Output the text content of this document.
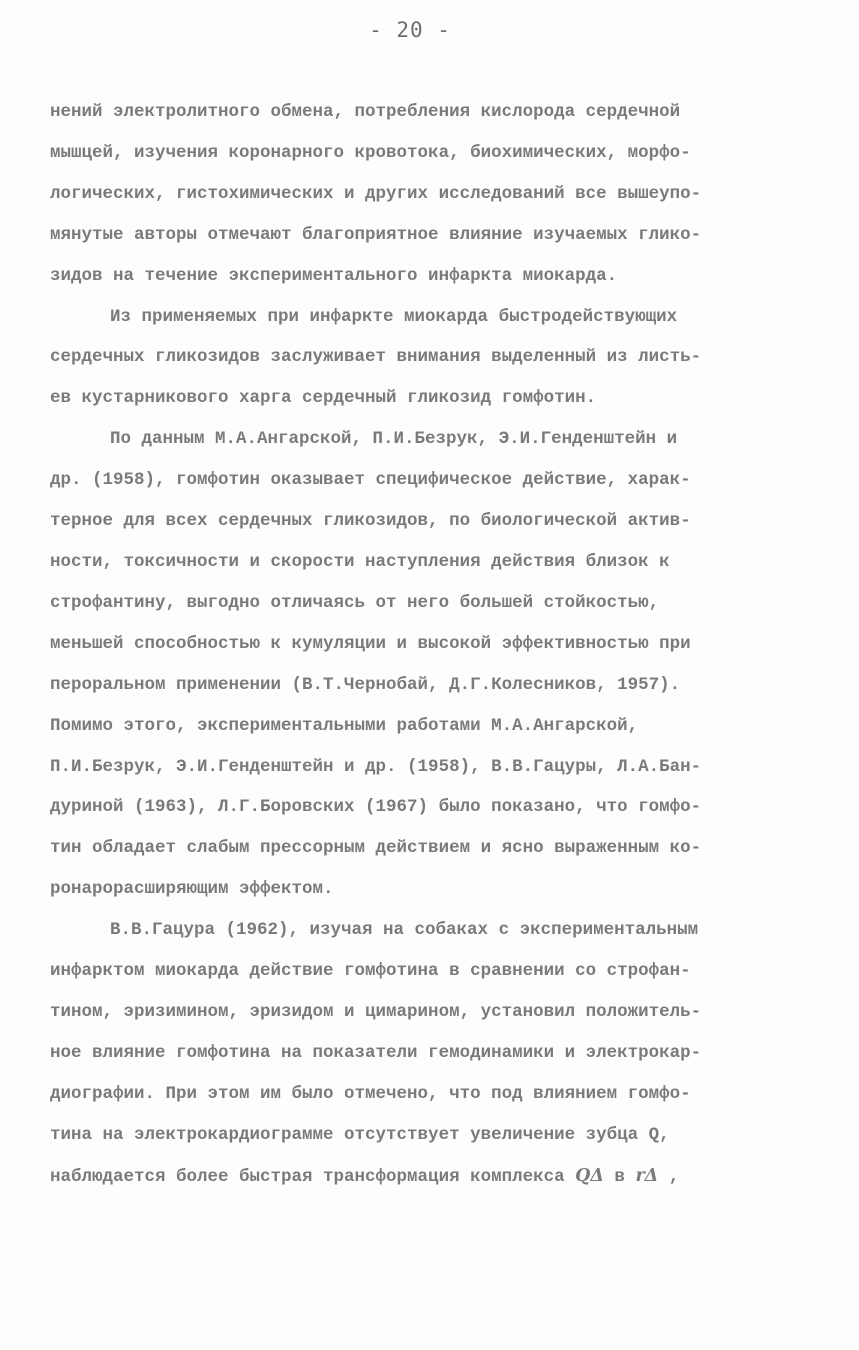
- 20 -
нений электролитного обмена, потребления кислорода сердечной
мышцей, изучения коронарного кровотока, биохимических, морфо-
логических, гистохимических и других исследований все вышеупо-
мянутые авторы отмечают благоприятное влияние изучаемых глико-
зидов на течение экспериментального инфаркта миокарда.
Из применяемых при инфаркте миокарда быстродействующих
сердечных гликозидов заслуживает внимания выделенный из листь-
ев кустарникового харга сердечный гликозид гомфотин.
По данным М.А.Ангарской, П.И.Безрук, Э.И.Генденштейн и
др. (1958), гомфотин оказывает специфическое действие, харак-
терное для всех сердечных гликозидов, по биологической актив-
ности, токсичности и скорости наступления действия близок к
строфантину, выгодно отличаясь от него большей стойкостью,
меньшей способностью к кумуляции и высокой эффективностью при
пероральном применении (В.Т.Чернобай, Д.Г.Колесников, 1957).
Помимо этого, экспериментальными работами М.А.Ангарской,
П.И.Безрук, Э.И.Генденштейн и др. (1958), В.В.Гацуры, Л.А.Бан-
дуриной (1963), Л.Г.Боровских (1967) было показано, что гомфо-
тин обладает слабым прессорным действием и ясно выраженным ко-
ронарорасширяющим эффектом.
В.В.Гацура (1962), изучая на собаках с экспериментальным
инфарктом миокарда действие гомфотина в сравнении со строфан-
тином, эризимином, эризидом и цимарином, установил положитель-
ное влияние гомфотина на показатели гемодинамики и электрокар-
диографии. При этом им было отмечено, что под влиянием гомфо-
тина на электрокардиограмме отсутствует увеличение зубца Q,
наблюдается более быстрая трансформация комплекса QΔ в rΔ ,
